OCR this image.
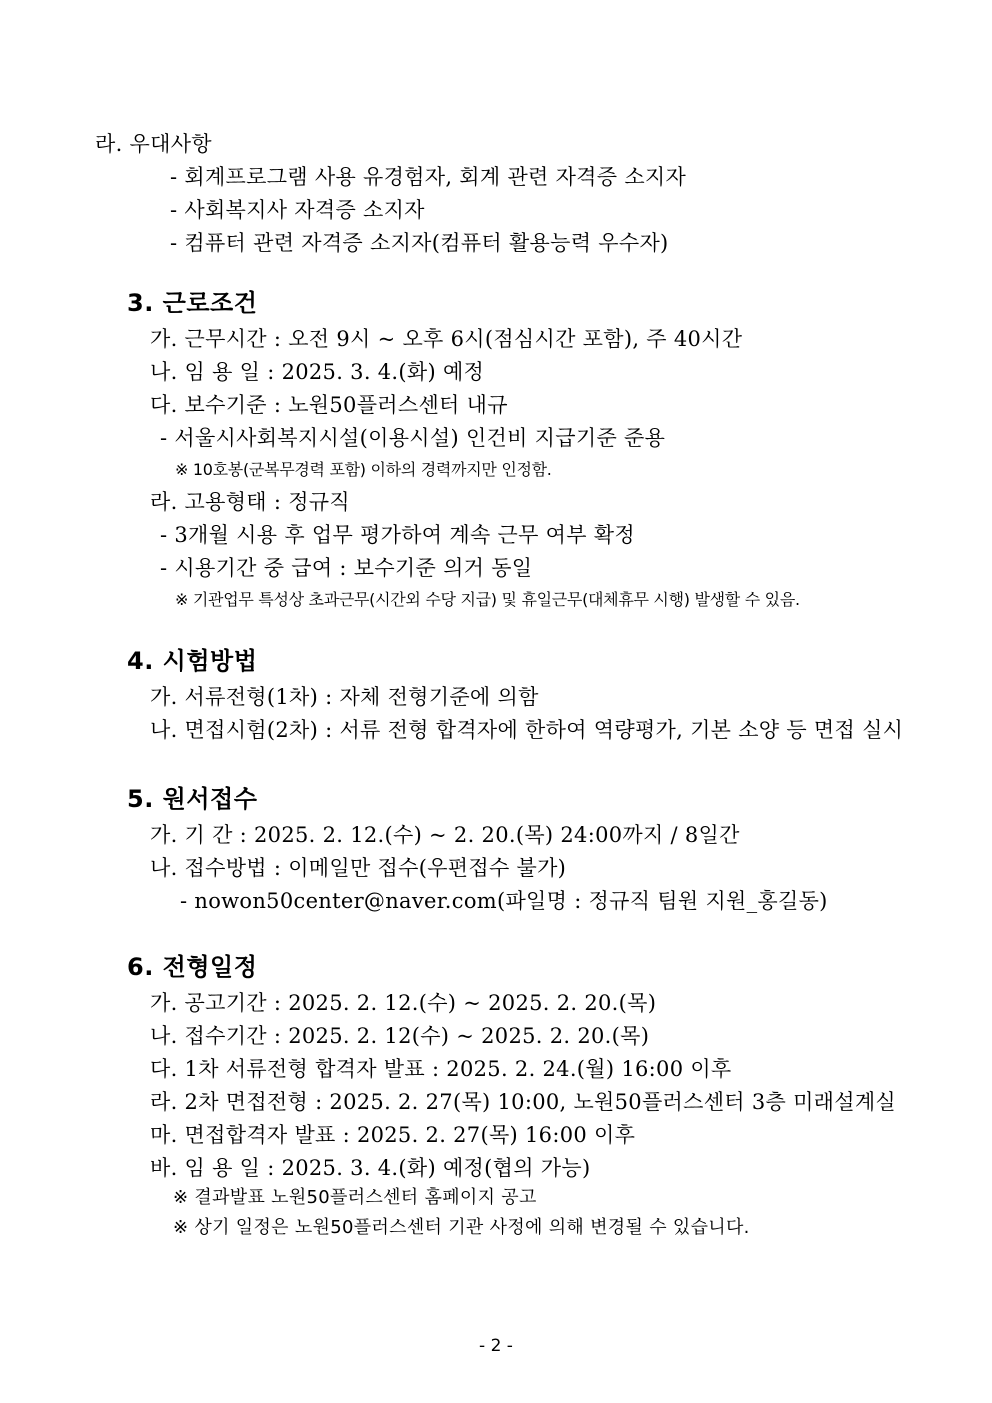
라. 우대사항
- 회계프로그램 사용 유경험자, 회계 관련 자격증 소지자
- 사회복지사 자격증 소지자
- 컴퓨터 관련 자격증 소지자(컴퓨터 활용능력 우수자)
3. 근로조건
가. 근무시간 : 오전 9시 ~ 오후 6시(점심시간 포함), 주 40시간
나. 임 용 일 : 2025. 3. 4.(화) 예정
다. 보수기준 : 노원50플러스센터 내규
- 서울시사회복지시설(이용시설) 인건비 지급기준 준용
※ 10호봉(군복무경력 포함) 이하의 경력까지만 인정함.
라. 고용형태 : 정규직
- 3개월 시용 후 업무 평가하여 계속 근무 여부 확정
- 시용기간 중 급여 : 보수기준 의거 동일
※ 기관업무 특성상 초과근무(시간외 수당 지급) 및 휴일근무(대체휴무 시행) 발생할 수 있음.
4. 시험방법
가. 서류전형(1차) : 자체 전형기준에 의함
나. 면접시험(2차) : 서류 전형 합격자에 한하여 역량평가, 기본 소양 등 면접 실시
5. 원서접수
가. 기 간 : 2025. 2. 12.(수) ~ 2. 20.(목) 24:00까지 / 8일간
나. 접수방법 : 이메일만 접수(우편접수 불가)
- nowon50center@naver.com(파일명 : 정규직 팀원 지원_홍길동)
6. 전형일정
가. 공고기간 : 2025. 2. 12.(수) ~ 2025. 2. 20.(목)
나. 접수기간 : 2025. 2. 12(수) ~ 2025. 2. 20.(목)
다. 1차 서류전형 합격자 발표 : 2025. 2. 24.(월) 16:00 이후
라. 2차 면접전형 : 2025. 2. 27(목) 10:00, 노원50플러스센터 3층 미래설계실
마. 면접합격자 발표 : 2025. 2. 27(목) 16:00 이후
바. 임 용 일 : 2025. 3. 4.(화) 예정(협의 가능)
※ 결과발표 노원50플러스센터 홈페이지 공고
※ 상기 일정은 노원50플러스센터 기관 사정에 의해 변경될 수 있습니다.
- 2 -
